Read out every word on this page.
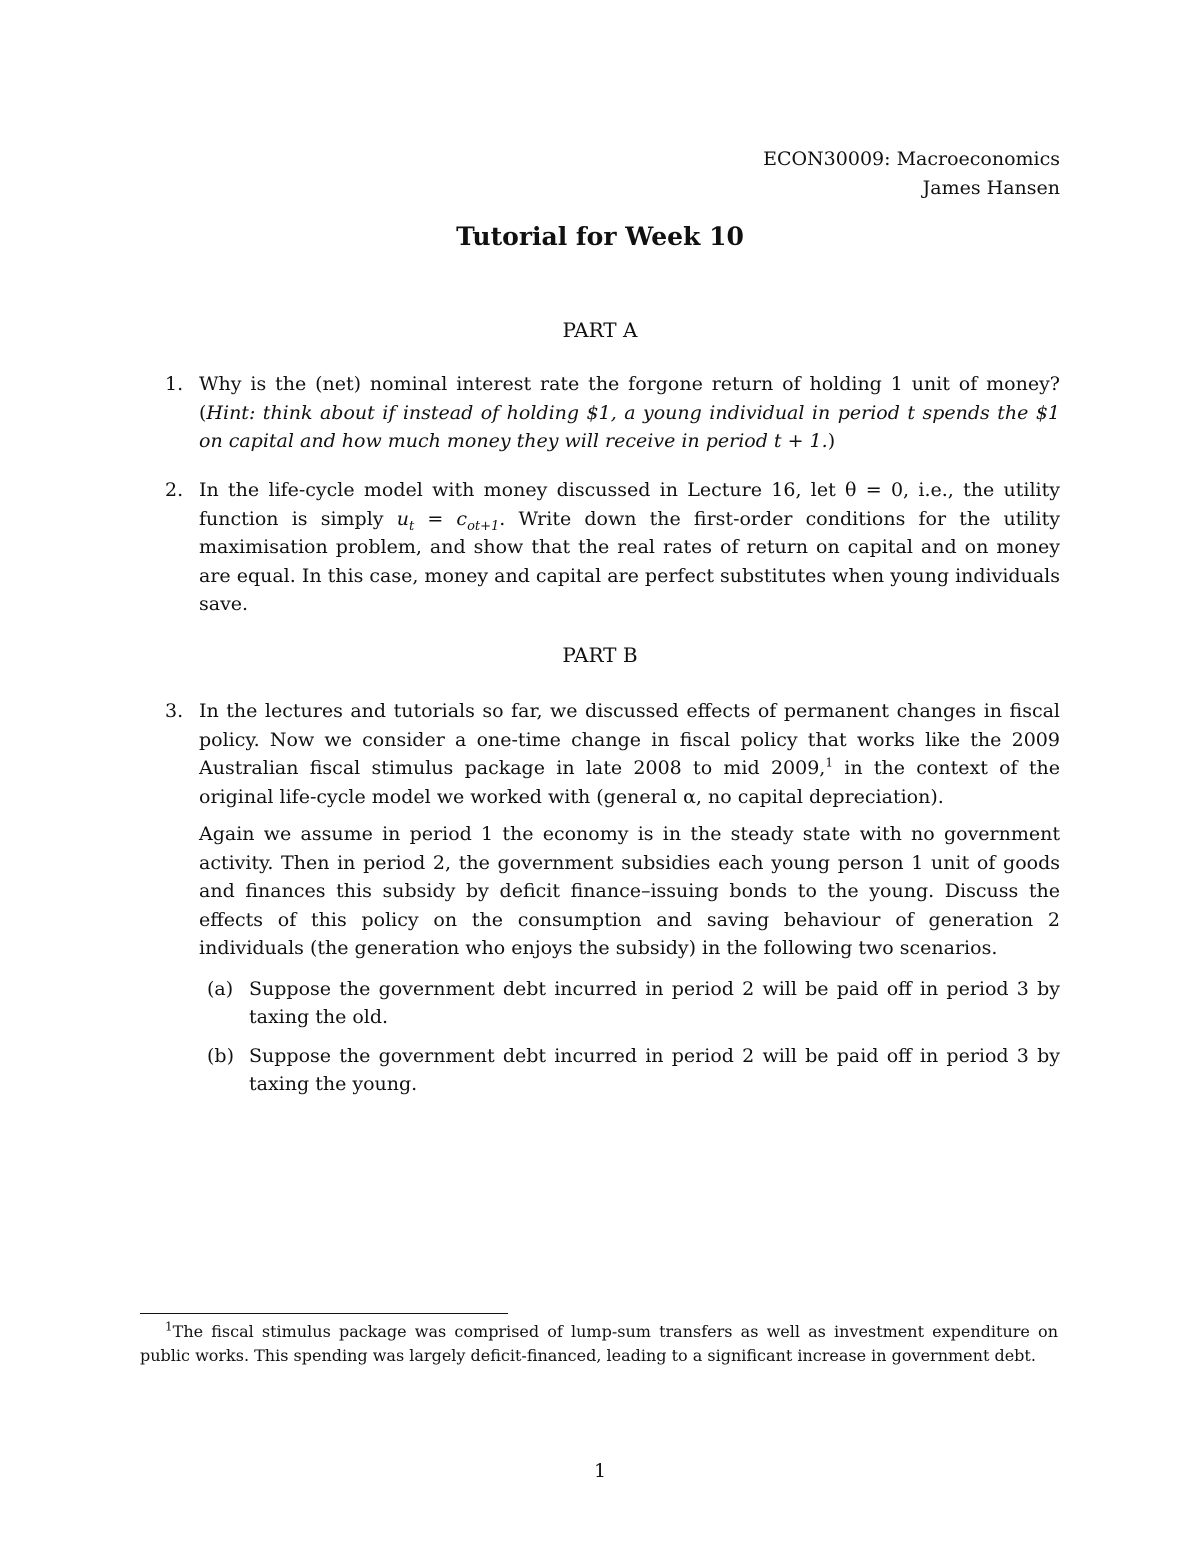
ECON30009: Macroeconomics
James Hansen
Tutorial for Week 10
PART A
1. Why is the (net) nominal interest rate the forgone return of holding 1 unit of money? (Hint: think about if instead of holding $1, a young individual in period t spends the $1 on capital and how much money they will receive in period t + 1.)

2. In the life-cycle model with money discussed in Lecture 16, let θ = 0, i.e., the utility function is simply $u_t = c_{ot+1}$. Write down the first-order conditions for the utility maximisation problem, and show that the real rates of return on capital and on money are equal. In this case, money and capital are perfect substitutes when young individuals save.

PART B
3. In the lectures and tutorials so far, we discussed effects of permanent changes in fiscal policy. Now we consider a one-time change in fiscal policy that works like the 2009 Australian fiscal stimulus package in late 2008 to mid 2009,$^1$ in the context of the original life-cycle model we worked with (general α, no capital depreciation).

Again we assume in period 1 the economy is in the steady state with no government activity. Then in period 2, the government subsidies each young person 1 unit of goods and finances this subsidy by deficit finance–issuing bonds to the young. Discuss the effects of this policy on the consumption and saving behaviour of generation 2 individuals (the generation who enjoys the subsidy) in the following two scenarios.

(a) Suppose the government debt incurred in period 2 will be paid off in period 3 by taxing the old.
(b) Suppose the government debt incurred in period 2 will be paid off in period 3 by taxing the young.

$^1$The fiscal stimulus package was comprised of lump-sum transfers as well as investment expenditure on public works. This spending was largely deficit-financed, leading to a significant increase in government debt.

1
